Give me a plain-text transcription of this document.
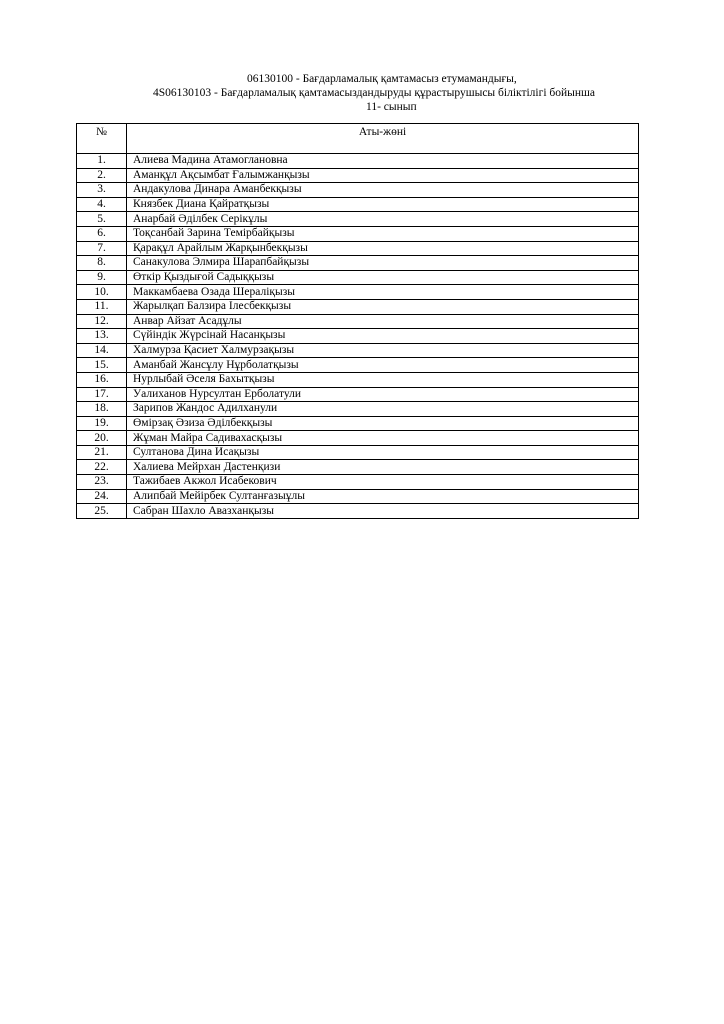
06130100 - Бағдарламалық қамтамасыз етумамандығы,
4S06130103 - Бағдарламалық қамтамасыздандыруды құрастырушысы біліктілігі бойынша
11- сынып
№	Аты-жөні
1.	Алиева Мадина Атамоглановна
2.	Аманқұл Ақсымбат Ғалымжанқызы
3.	Андакулова Динара Аманбекқызы
4.	Князбек Диана Қайратқызы
5.	Анарбай Әділбек Серікұлы
6.	Тоқсанбай Зарина Темірбайқызы
7.	Қарақұл Арайлым Жарқынбекқызы
8.	Санакулова Элмира Шарапбайқызы
9.	Өткір Қыздығой Садыққызы
10.	Маккамбаева Озада Шераліқызы
11.	Жарылқап Балзира Ілесбекқызы
12.	Анвар Айзат Асадұлы
13.	Сүйіндік Жүрсінай Насанқызы
14.	Халмурза Қасиет Халмурзақызы
15.	Аманбай Жансұлу Нұрболатқызы
16.	Нурлыбай Әселя Бахытқызы
17.	Уалиханов Нурсултан Ерболатули
18.	Зарипов Жандос Адилханули
19.	Өмірзақ Әзиза Әділбекқызы
20.	Жұман Майра Садивахасқызы
21.	Султанова Дина Исақызы
22.	Халиева Мейрхан Дастенқизи
23.	Тажибаев Акжол Исабекович
24.	Алипбай Мейірбек Султанғазыұлы
25.	Сабран Шахло Авазханқызы
